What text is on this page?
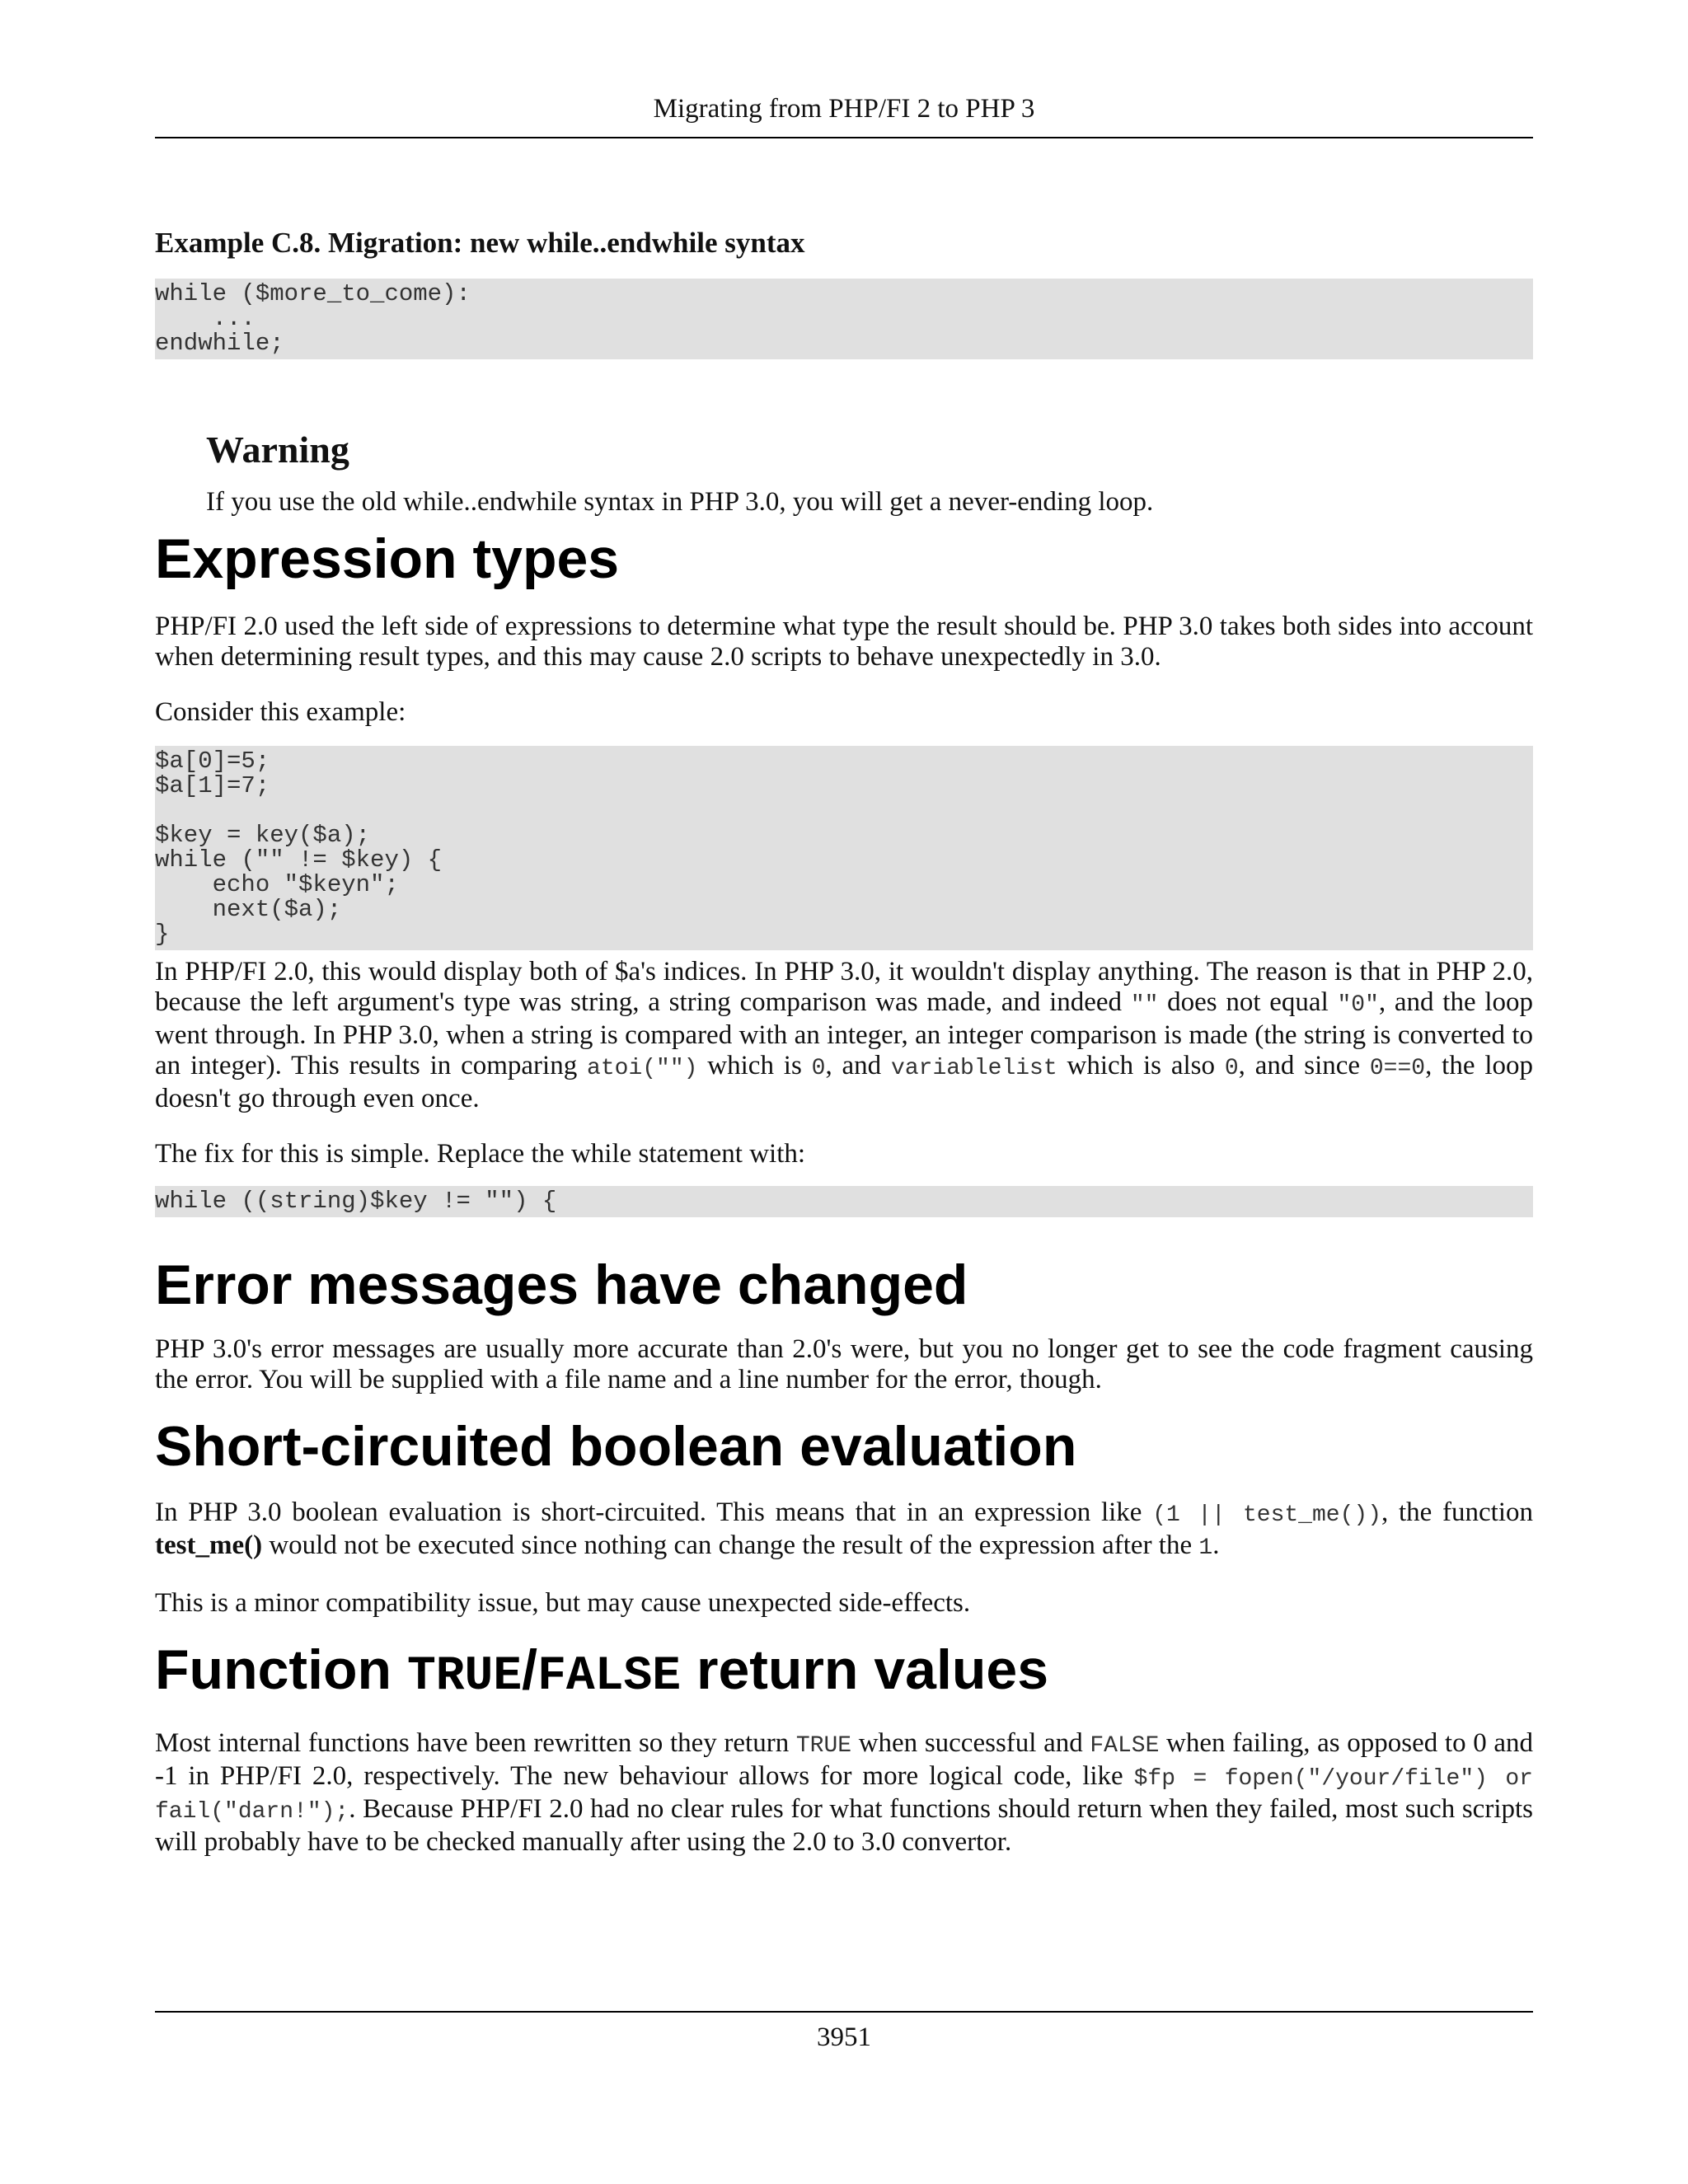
Migrating from PHP/FI 2 to PHP 3
Example C.8. Migration: new while..endwhile syntax
while ($more_to_come):
...
endwhile;
Warning

If you use the old while..endwhile syntax in PHP 3.0, you will get a never-ending loop.

Expression types

PHP/FI 2.0 used the left side of expressions to determine what type the result should be. PHP 3.0 takes both sides into account when determining result types, and this may cause 2.0 scripts to behave unexpectedly in 3.0.

Consider this example:

$a[0]=5;
$a[1]=7;

$key = key($a);
while ("" != $key) {
echo "$keyn";
next($a);
}

In PHP/FI 2.0, this would display both of $a's indices. In PHP 3.0, it wouldn't display anything. The reason is that in PHP 2.0, because the left argument's type was string, a string comparison was made, and indeed "" does not equal "0", and the loop went through. In PHP 3.0, when a string is compared with an integer, an integer comparison is made (the string is converted to an integer). This results in comparing atoi("") which is 0, and variablelist which is also 0, and since 0==0, the loop doesn't go through even once.

The fix for this is simple. Replace the while statement with:

while ((string)$key != "") {
Error messages have changed

PHP 3.0's error messages are usually more accurate than 2.0's were, but you no longer get to see the code fragment causing the error. You will be supplied with a file name and a line number for the error, though.

Short-circuited boolean evaluation

In PHP 3.0 boolean evaluation is short-circuited. This means that in an expression like (1 || test_me()), the function test_me() would not be executed since nothing can change the result of the expression after the 1.

This is a minor compatibility issue, but may cause unexpected side-effects.

Function TRUE/FALSE return values

Most internal functions have been rewritten so they return TRUE when successful and FALSE when failing, as opposed to 0 and -1 in PHP/FI 2.0, respectively. The new behaviour allows for more logical code, like $fp = fopen("/your/file") or fail("darn!");. Because PHP/FI 2.0 had no clear rules for what functions should return when they failed, most such scripts will probably have to be checked manually after using the 2.0 to 3.0 convertor.

3951
